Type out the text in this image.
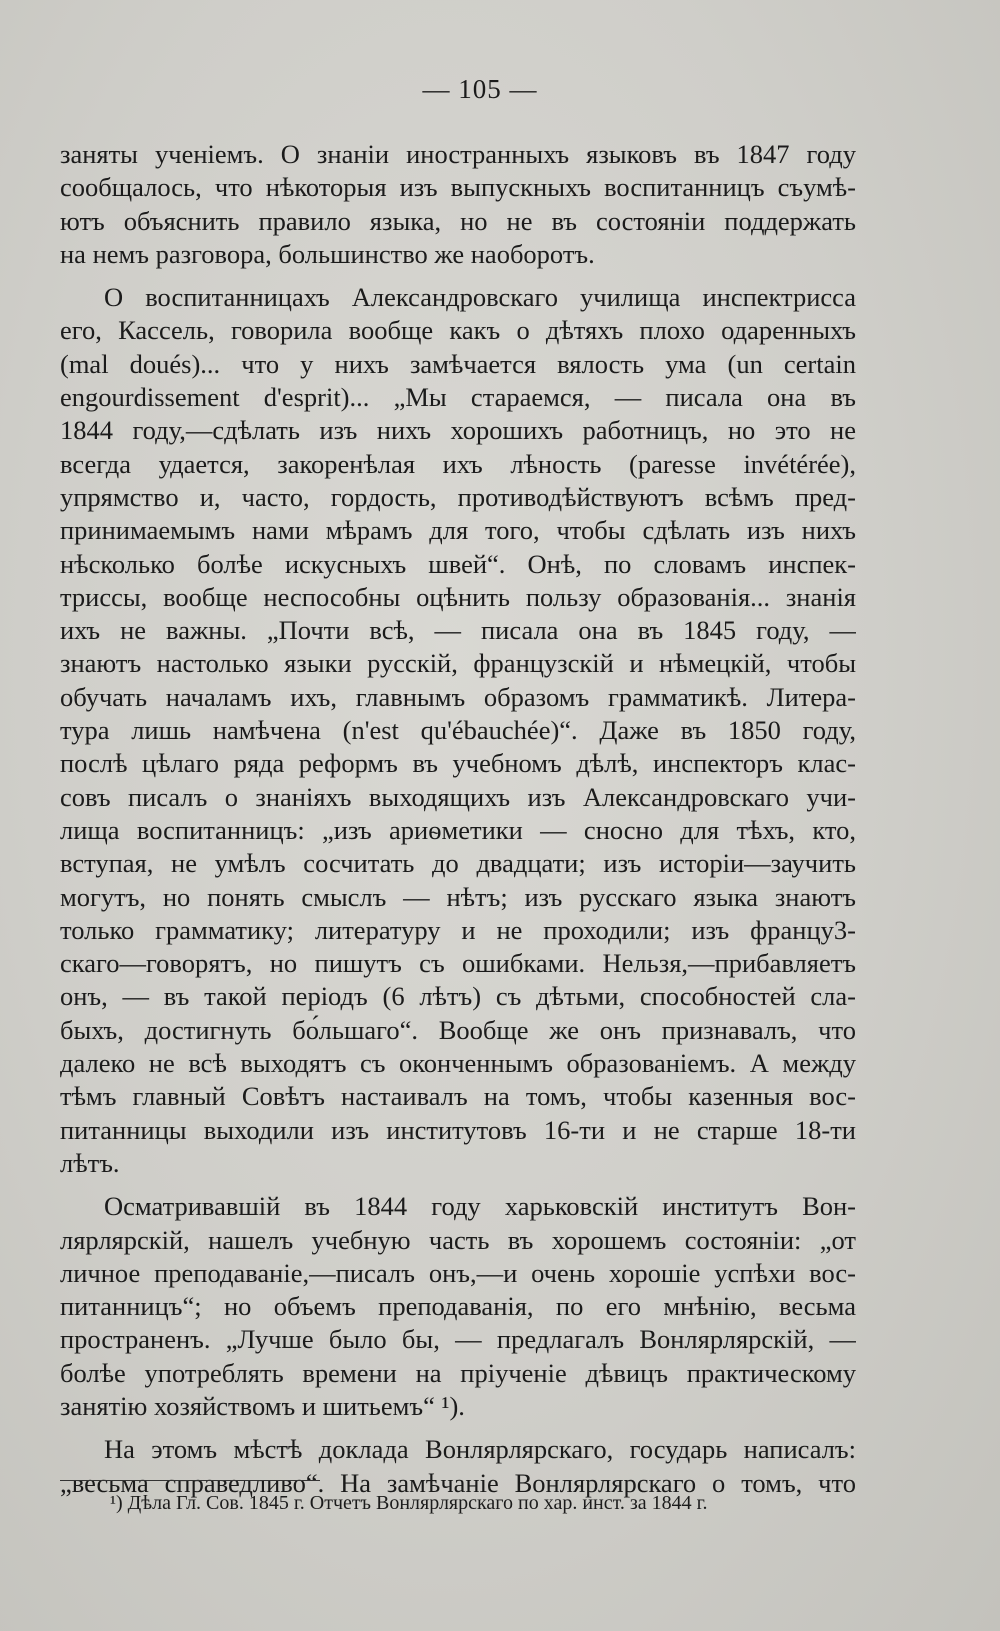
— 105 —
заняты ученіемъ. О знаніи иностранныхъ языковъ въ 1847 году
сообщалось, что нѣкоторыя изъ выпускныхъ воспитанницъ съумѣ-
ютъ объяснить правило языка, но не въ состояніи поддержать
на немъ разговора, большинство же наоборотъ.
О воспитанницахъ Александровскаго училища инспектрисса
его, Кассель, говорила вообще какъ о дѣтяхъ плохо одаренныхъ
(mal doués)... что у нихъ замѣчается вялость ума (un certain
engourdissement d'esprit)... „Мы стараемся, — писала она въ
1844 году,—сдѣлать изъ нихъ хорошихъ работницъ, но это не
всегда удается, закоренѣлая ихъ лѣность (paresse invétérée),
упрямство и, часто, гордость, противодѣйствуютъ всѣмъ пред-
принимаемымъ нами мѣрамъ для того, чтобы сдѣлать изъ нихъ
нѣсколько болѣе искусныхъ швей“. Онѣ, по словамъ инспек-
триссы, вообще неспособны оцѣнить пользу образованія... знанія
ихъ не важны. „Почти всѣ, — писала она въ 1845 году, —
знаютъ настолько языки русскій, французскій и нѣмецкій, чтобы
обучать началамъ ихъ, главнымъ образомъ грамматикѣ. Литера-
тура лишь намѣчена (n'est qu'ébauchée)“. Даже въ 1850 году,
послѣ цѣлаго ряда реформъ въ учебномъ дѣлѣ, инспекторъ клас-
совъ писалъ о знаніяхъ выходящихъ изъ Александровскаго учи-
лища воспитанницъ: „изъ ариѳметики — сносно для тѣхъ, кто,
вступая, не умѣлъ сосчитать до двадцати; изъ исторіи—заучить
могутъ, но понять смыслъ — нѣтъ; изъ русскаго языка знаютъ
только грамматику; литературу и не проходили; изъ францу3-
скаго—говорятъ, но пишутъ съ ошибками. Нельзя,—прибавляетъ
онъ, — въ такой періодъ (6 лѣтъ) съ дѣтьми, способностей сла-
быхъ, достигнуть бо́льшаго“. Вообще же онъ признавалъ, что
далеко не всѣ выходятъ съ оконченнымъ образованіемъ. А между
тѣмъ главный Совѣтъ настаивалъ на томъ, чтобы казенныя вос-
питанницы выходили изъ институтовъ 16-ти и не старше 18-ти
лѣтъ.
Осматривавшій въ 1844 году харьковскій институтъ Вон-
лярлярскій, нашелъ учебную часть въ хорошемъ состояніи: „от
личное преподаваніе,—писалъ онъ,—и очень хорошіе успѣхи вос-
питанницъ“; но объемъ преподаванія, по его мнѣнію, весьма
пространенъ. „Лучше было бы, — предлагалъ Вонлярлярскій, —
болѣе употреблять времени на пріученіе дѣвицъ практическому
занятію хозяйствомъ и шитьемъ“ ¹).
На этомъ мѣстѣ доклада Вонлярлярскаго, государь написалъ:
„весьма справедливо“. На замѣчаніе Вонлярлярскаго о томъ, что
¹) Дѣла Гл. Сов. 1845 г. Отчетъ Вонлярлярскаго по хар. инст. за 1844 г.
